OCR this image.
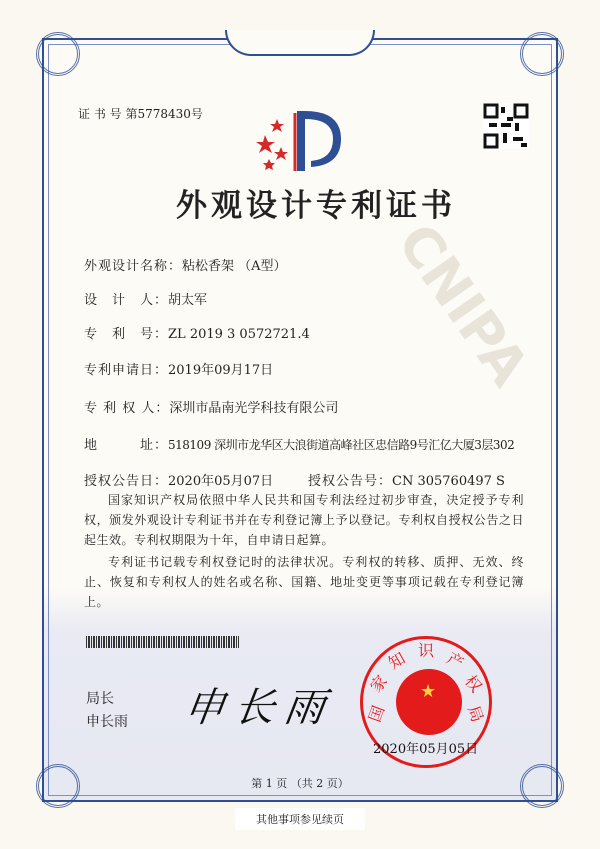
CNIPA
证 书 号 第5778430号
外观设计专利证书
外观设计名称：粘松香架 （A型）
设　计　人：胡太军
专　利　号：ZL 2019 3 0572721.4
专利申请日：2019年09月17日
专 利 权 人：深圳市晶南光学科技有限公司
地　　　址：518109 深圳市龙华区大浪街道高峰社区忠信路9号汇亿大厦3层302
授权公告日：2020年05月07日	授权公告号：CN 305760497 S
国家知识产权局依照中华人民共和国专利法经过初步审查，决定授予专利权，颁发外观设计专利证书并在专利登记簿上予以登记。专利权自授权公告之日起生效。专利权期限为十年，自申请日起算。
专利证书记载专利权登记时的法律状况。专利权的转移、质押、无效、终止、恢复和专利权人的姓名或名称、国籍、地址变更等事项记载在专利登记簿上。
局长
申长雨 申长雨	★
国
家
知 识 产
权
局
2020年05月05日
第 1 页 （共 2 页）
其他事项参见续页
